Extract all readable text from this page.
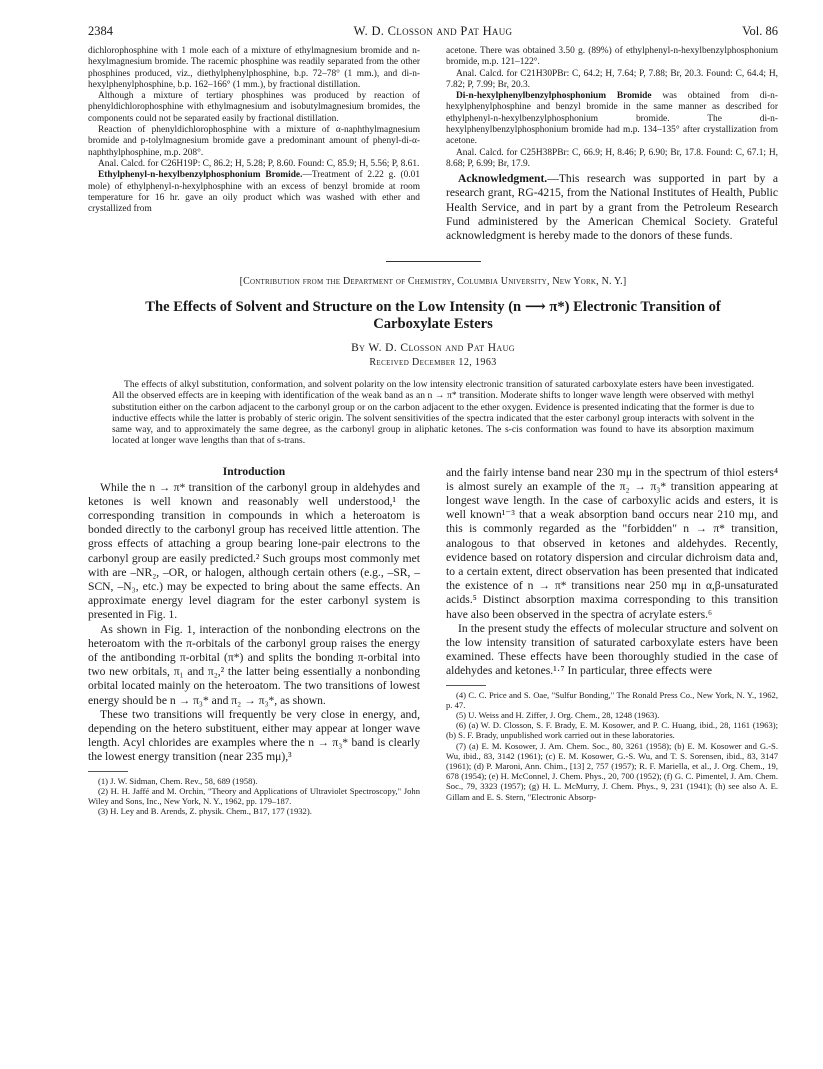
2384	W. D. Closson and Pat Haug	Vol. 86

dichlorophosphine with 1 mole each of a mixture of ethylmagnesium bromide and n-hexylmagnesium bromide. The racemic phosphine was readily separated from the other phosphines produced, viz., diethylphenylphosphine, b.p. 72–78° (1 mm.), and di-n-hexylphenylphosphine, b.p. 162–166° (1 mm.), by fractional distillation.

Although a mixture of tertiary phosphines was produced by reaction of phenyldichlorophosphine with ethylmagnesium and isobutylmagnesium bromides, the components could not be separated easily by fractional distillation.

Reaction of phenyldichlorophosphine with a mixture of α-naphthylmagnesium bromide and p-tolylmagnesium bromide gave a predominant amount of phenyl-di-α-naphthylphosphine, m.p. 208°.

Anal. Calcd. for C26H19P: C, 86.2; H, 5.28; P, 8.60. Found: C, 85.9; H, 5.56; P, 8.61.

Ethylphenyl-n-hexylbenzylphosphonium Bromide.—Treatment of 2.22 g. (0.01 mole) of ethylphenyl-n-hexylphosphine with an excess of benzyl bromide at room temperature for 16 hr. gave an oily product which was washed with ether and crystallized from

acetone. There was obtained 3.50 g. (89%) of ethylphenyl-n-hexylbenzylphosphonium bromide, m.p. 121–122°.

Anal. Calcd. for C21H30PBr: C, 64.2; H, 7.64; P, 7.88; Br, 20.3. Found: C, 64.4; H, 7.82; P, 7.99; Br, 20.3.

Di-n-hexylphenylbenzylphosphonium Bromide was obtained from di-n-hexylphenylphosphine and benzyl bromide in the same manner as described for ethylphenyl-n-hexylbenzylphosphonium bromide. The di-n-hexylphenylbenzylphosphonium bromide had m.p. 134–135° after crystallization from acetone.

Anal. Calcd. for C25H38PBr: C, 66.9; H, 8.46; P, 6.90; Br, 17.8. Found: C, 67.1; H, 8.68; P, 6.99; Br, 17.9.

Acknowledgment.—This research was supported in part by a research grant, RG-4215, from the National Institutes of Health, Public Health Service, and in part by a grant from the Petroleum Research Fund administered by the American Chemical Society. Grateful acknowledgment is hereby made to the donors of these funds.

[Contribution from the Department of Chemistry, Columbia University, New York, N. Y.]
The Effects of Solvent and Structure on the Low Intensity (n ⟶ π*) Electronic Transition of Carboxylate Esters
By W. D. Closson and Pat Haug
Received December 12, 1963

The effects of alkyl substitution, conformation, and solvent polarity on the low intensity electronic transition of saturated carboxylate esters have been investigated. All the observed effects are in keeping with identification of the weak band as an n → π* transition. Moderate shifts to longer wave length were observed with methyl substitution either on the carbon adjacent to the carbonyl group or on the carbon adjacent to the ether oxygen. Evidence is presented indicating that the former is due to inductive effects while the latter is probably of steric origin. The solvent sensitivities of the spectra indicated that the ester carbonyl group interacts with solvent in the same way, and to approximately the same degree, as the carbonyl group in aliphatic ketones. The s-cis conformation was found to have its absorption maximum located at longer wave lengths than that of s-trans.

Introduction

While the n → π* transition of the carbonyl group in aldehydes and ketones is well known and reasonably well understood,¹ the corresponding transition in compounds in which a heteroatom is bonded directly to the carbonyl group has received little attention. The gross effects of attaching a group bearing lone-pair electrons to the carbonyl group are easily predicted.² Such groups most commonly met with are –NR₂, –OR, or halogen, although certain others (e.g., –SR, –SCN, –N₃, etc.) may be expected to bring about the same effects. An approximate energy level diagram for the ester carbonyl system is presented in Fig. 1.

As shown in Fig. 1, interaction of the nonbonding electrons on the heteroatom with the π-orbitals of the carbonyl group raises the energy of the antibonding π-orbital (π*) and splits the bonding π-orbital into two new orbitals, π₁ and π₂,² the latter being essentially a nonbonding orbital located mainly on the heteroatom. The two transitions of lowest energy should be n → π₃* and π₂ → π₃*, as shown.

These two transitions will frequently be very close in energy, and, depending on the hetero substituent, either may appear at longer wave length. Acyl chlorides are examples where the n → π₃* band is clearly the lowest energy transition (near 235 mμ),³

(1) J. W. Sidman, Chem. Rev., 58, 689 (1958).

(2) H. H. Jaffé and M. Orchin, "Theory and Applications of Ultraviolet Spectroscopy," John Wiley and Sons, Inc., New York, N. Y., 1962, pp. 179–187.

(3) H. Ley and B. Arends, Z. physik. Chem., B17, 177 (1932).

and the fairly intense band near 230 mμ in the spectrum of thiol esters⁴ is almost surely an example of the π₂ → π₃* transition appearing at longest wave length. In the case of carboxylic acids and esters, it is well known¹⁻³ that a weak absorption band occurs near 210 mμ, and this is commonly regarded as the "forbidden" n → π* transition, analogous to that observed in ketones and aldehydes. Recently, evidence based on rotatory dispersion and circular dichroism data and, to a certain extent, direct observation has been presented that indicated the existence of n → π* transitions near 250 mμ in α,β-unsaturated acids.⁵ Distinct absorption maxima corresponding to this transition have also been observed in the spectra of acrylate esters.⁶

In the present study the effects of molecular structure and solvent on the low intensity transition of saturated carboxylate esters have been examined. These effects have been thoroughly studied in the case of aldehydes and ketones.¹·⁷ In particular, three effects were

(4) C. C. Price and S. Oae, "Sulfur Bonding," The Ronald Press Co., New York, N. Y., 1962, p. 47.

(5) U. Weiss and H. Ziffer, J. Org. Chem., 28, 1248 (1963).

(6) (a) W. D. Closson, S. F. Brady, E. M. Kosower, and P. C. Huang, ibid., 28, 1161 (1963); (b) S. F. Brady, unpublished work carried out in these laboratories.

(7) (a) E. M. Kosower, J. Am. Chem. Soc., 80, 3261 (1958); (b) E. M. Kosower and G.-S. Wu, ibid., 83, 3142 (1961); (c) E. M. Kosower, G.-S. Wu, and T. S. Sorensen, ibid., 83, 3147 (1961); (d) P. Maroni, Ann. Chim., [13] 2, 757 (1957); R. F. Mariella, et al., J. Org. Chem., 19, 678 (1954); (e) H. McConnel, J. Chem. Phys., 20, 700 (1952); (f) G. C. Pimentel, J. Am. Chem. Soc., 79, 3323 (1957); (g) H. L. McMurry, J. Chem. Phys., 9, 231 (1941); (h) see also A. E. Gillam and E. S. Stern, "Electronic Absorp-
